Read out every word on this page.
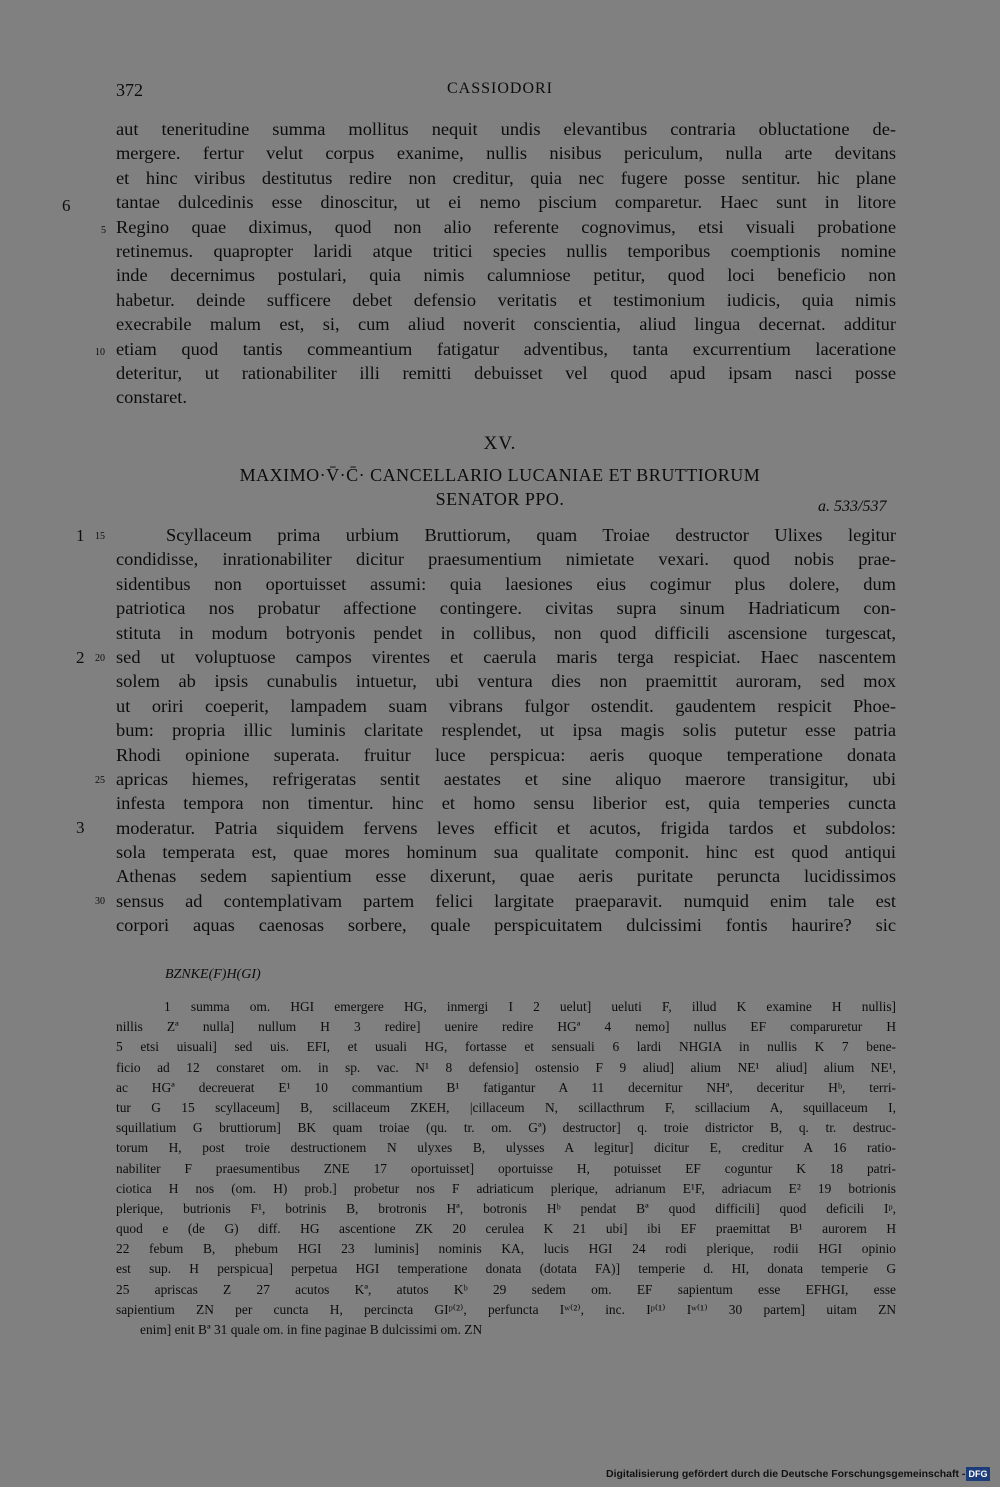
372	CASSIODORI
6
5
10
aut teneritudine summa mollitus nequit undis elevantibus contraria obluctatione de-
mergere. fertur velut corpus exanime, nullis nisibus periculum, nulla arte devitans
et hinc viribus destitutus redire non creditur, quia nec fugere posse sentitur. hic plane
tantae dulcedinis esse dinoscitur, ut ei nemo piscium comparetur. Haec sunt in litore
Regino quae diximus, quod non alio referente cognovimus, etsi visuali probatione
retinemus. quapropter laridi atque tritici species nullis temporibus coemptionis nomine
inde decernimus postulari, quia nimis calumniose petitur, quod loci beneficio non
habetur. deinde sufficere debet defensio veritatis et testimonium iudicis, quia nimis
execrabile malum est, si, cum aliud noverit conscientia, aliud lingua decernat. additur
etiam quod tantis commeantium fatigatur adventibus, tanta excurrentium laceratione
deteritur, ut rationabiliter illi remitti debuisset vel quod apud ipsam nasci posse
constaret.
XV.
MAXIMO·V̄·C̄· CANCELLARIO LUCANIAE ET BRUTTIORUM
SENATOR PPO.	a. 533/537
1 15
2 20
25
3
30
Scyllaceum prima urbium Bruttiorum, quam Troiae destructor Ulixes legitur
condidisse, inrationabiliter dicitur praesumentium nimietate vexari. quod nobis prae-
sidentibus non oportuisset assumi: quia laesiones eius cogimur plus dolere, dum
patriotica nos probatur affectione contingere. civitas supra sinum Hadriaticum con-
stituta in modum botryonis pendet in collibus, non quod difficili ascensione turgescat,
sed ut voluptuose campos virentes et caerula maris terga respiciat. Haec nascentem
solem ab ipsis cunabulis intuetur, ubi ventura dies non praemittit auroram, sed mox
ut oriri coeperit, lampadem suam vibrans fulgor ostendit. gaudentem respicit Phoe-
bum: propria illic luminis claritate resplendet, ut ipsa magis solis putetur esse patria
Rhodi opinione superata. fruitur luce perspicua: aeris quoque temperatione donata
apricas hiemes, refrigeratas sentit aestates et sine aliquo maerore transigitur, ubi
infesta tempora non timentur. hinc et homo sensu liberior est, quia temperies cuncta
moderatur. Patria siquidem fervens leves efficit et acutos, frigida tardos et subdolos:
sola temperata est, quae mores hominum sua qualitate componit. hinc est quod antiqui
Athenas sedem sapientium esse dixerunt, quae aeris puritate peruncta lucidissimos
sensus ad contemplativam partem felici largitate praeparavit. numquid enim tale est
corpori aquas caenosas sorbere, quale perspicuitatem dulcissimi fontis haurire? sic
BZNKE(F)H(GI)
1 summa om. HGI emergere HG, inmergi I 2 uelut] ueluti F, illud K examine H nullis]
nillis Zª nulla] nullum H 3 redire] uenire redire HGª 4 nemo] nullus EF comparuretur H
5 etsi uisuali] sed uis. EFI, et usuali HG, fortasse et sensuali 6 lardi NHGIA in nullis K 7 bene-
ficio ad 12 constaret om. in sp. vac. N¹ 8 defensio] ostensio F 9 aliud] alium NE¹ aliud] alium NE¹,
ac HGª decreuerat E¹ 10 commantium B¹ fatigantur A 11 decernitur NHª, deceritur Hᵇ, terri-
tur G 15 scyllaceum] B, scillaceum ZKEH, |cillaceum N, scillacthrum F, scillacium A, squillaceum I,
squillatium G bruttiorum] BK quam troiae (qu. tr. om. Gª) destructor] q. troie districtor B, q. tr. destruc-
torum H, post troie destructionem N ulyxes B, ulysses A legitur] dicitur E, creditur A 16 ratio-
nabiliter F praesumentibus ZNE 17 oportuisset] oportuisse H, potuisset EF coguntur K 18 patri-
ciotica H nos (om. H) prob.] probetur nos F adriaticum plerique, adrianum E¹F, adriacum E² 19 botrionis
plerique, butrionis F¹, botrinis B, brotronis Hª, botronis Hᵇ pendat Bª quod difficili] quod deficili Iᵖ,
quod e (de G) diff. HG ascentione ZK 20 cerulea K 21 ubi] ibi EF praemittat B¹ aurorem H
22 febum B, phebum HGI 23 luminis] nominis KA, lucis HGI 24 rodi plerique, rodii HGI opinio
est sup. H perspicua] perpetua HGI temperatione donata (dotata FA)] temperie d. HI, donata temperie G
25 apriscas Z 27 acutos Kª, atutos Kᵇ 29 sedem om. EF sapientum esse EFHGI, esse
sapientium ZN per cuncta H, percincta GIᵖ⁽²⁾, perfuncta Iʷ⁽²⁾, inc. Iᵖ⁽¹⁾ Iʷ⁽¹⁾ 30 partem] uitam ZN
enim] enit Bª 31 quale om. in fine paginae B dulcissimi om. ZN
Digitalisierung gefördert durch die Deutsche Forschungsgemeinschaft - DFG
